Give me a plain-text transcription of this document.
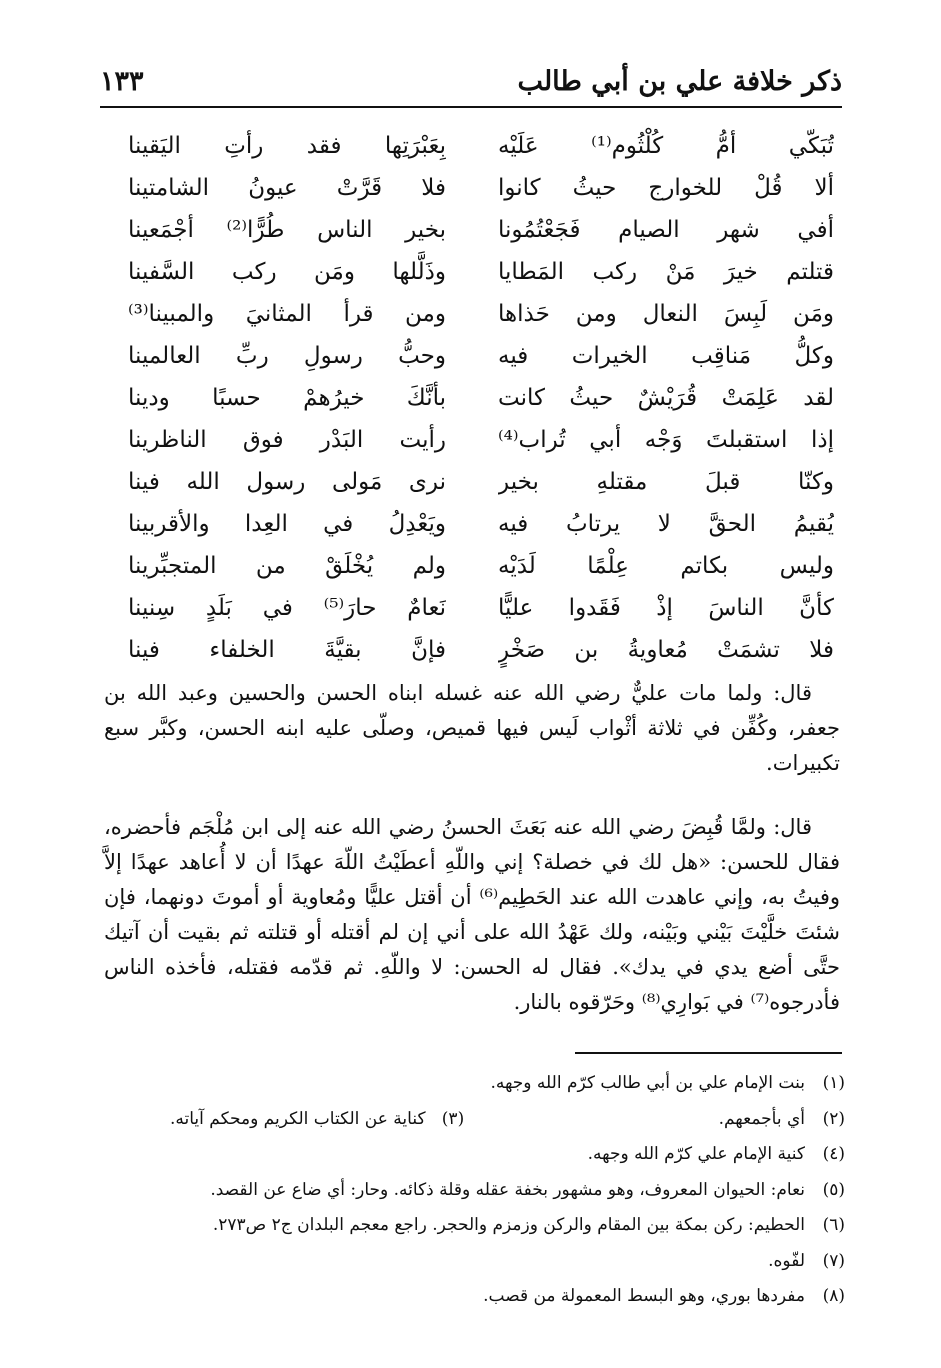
ذكر خلافة علي بن أبي طالب
١٣٣
تُبَكّي أمُّ كُلْثُوم⁽¹⁾ عَلَيْه
بِعَبْرَتِها فقد رأتِ اليَقينا
ألا قُلْ للخوارج حيثُ كانوا
فلا قَرَّتْ عيونُ الشامتينا
أفي شهر الصيام فَجَعْتُمُونا
بخير الناس طُرًّا⁽²⁾ أجْمَعينا
قتلتم خيرَ مَنْ ركب المَطايا
وذَلَّلها ومَن ركب السَّفينا
ومَن لَبِسَ النعال ومن حَذاها
ومن قرأ المثانيَ والمبينا⁽³⁾
وكلُّ مَناقِب الخيرات فيه
وحبُّ رسولِ ربِّ العالمينا
لقد عَلِمَتْ قُرَيْشٌ حيثُ كانت
بأنَّكَ خيرُهمْ حسبًا ودينا
إذا استقبلتَ وَجْه أبي تُراب⁽⁴⁾
رأيت البَدْر فوق الناظرينا
وكنّا قبلَ مقتلهِ بخير
نرى مَولى رسول الله فينا
يُقيمُ الحقَّ لا يرتابُ فيه
ويَعْدِلُ في العِدا والأقربينا
وليس بكاتم عِلْمًا لَدَيْه
ولم يُخْلَقْ من المتجبِّرينا
كأنَّ الناسَ إذْ فَقَدوا عليًّا
نَعامٌ حارَ⁽⁵⁾ في بَلَدٍ سِنينا
فلا تشمَتْ مُعاويةُ بن صَخْرٍ
فإنَّ بقيَّةَ الخلفاء فينا

قال: ولما مات عليٌّ رضي الله عنه غسله ابناه الحسن والحسين وعبد الله بن جعفر، وكُفِّن في ثلاثة أثْواب لَيس فيها قميص، وصلّى عليه ابنه الحسن، وكبَّر سبع تكبيرات.

قال: ولمَّا قُبِضَ رضي الله عنه بَعَثَ الحسنُ رضي الله عنه إلى ابن مُلْجَم فأحضره، فقال للحسن: «هل لك في خصلة؟ إني واللّهِ أعطَيْتُ اللّهَ عهدًا أن لا أُعاهد عهدًا إلاَّ وفيتُ به، وإني عاهدت الله عند الحَطِيم⁽⁶⁾ أن أقتل عليًّا ومُعاوية أو أموتَ دونهما، فإن شئتَ خلَّيْتَ بَيْني وبَيْنه، ولك عَهْدُ الله على أني إن لم أقتله أو قتلته ثم بقيت أن آتيك حتَّى أضع يدي في يدك». فقال له الحسن: لا واللّهِ. ثم قدّمه فقتله، فأخذه الناس فأدرجوه⁽⁷⁾ في بَوارِي⁽⁸⁾ وحَرّقوه بالنار.

(١)
بنت الإمام علي بن أبي طالب كرّم الله وجهه.
(٢)
أي بأجمعهم.
(٣)   كناية عن الكتاب الكريم ومحكم آياته.
(٤)
كنية الإمام علي كرّم الله وجهه.
(٥)
نعام: الحيوان المعروف، وهو مشهور بخفة عقله وقلة ذكائه. وحار: أي ضاع عن القصد.
(٦)
الحطيم: ركن بمكة بين المقام والركن وزمزم والحجر. راجع معجم البلدان ج٢ ص٢٧٣.
(٧)
لفّوه.
(٨)
مفردها بوري، وهو البسط المعمولة من قصب.
